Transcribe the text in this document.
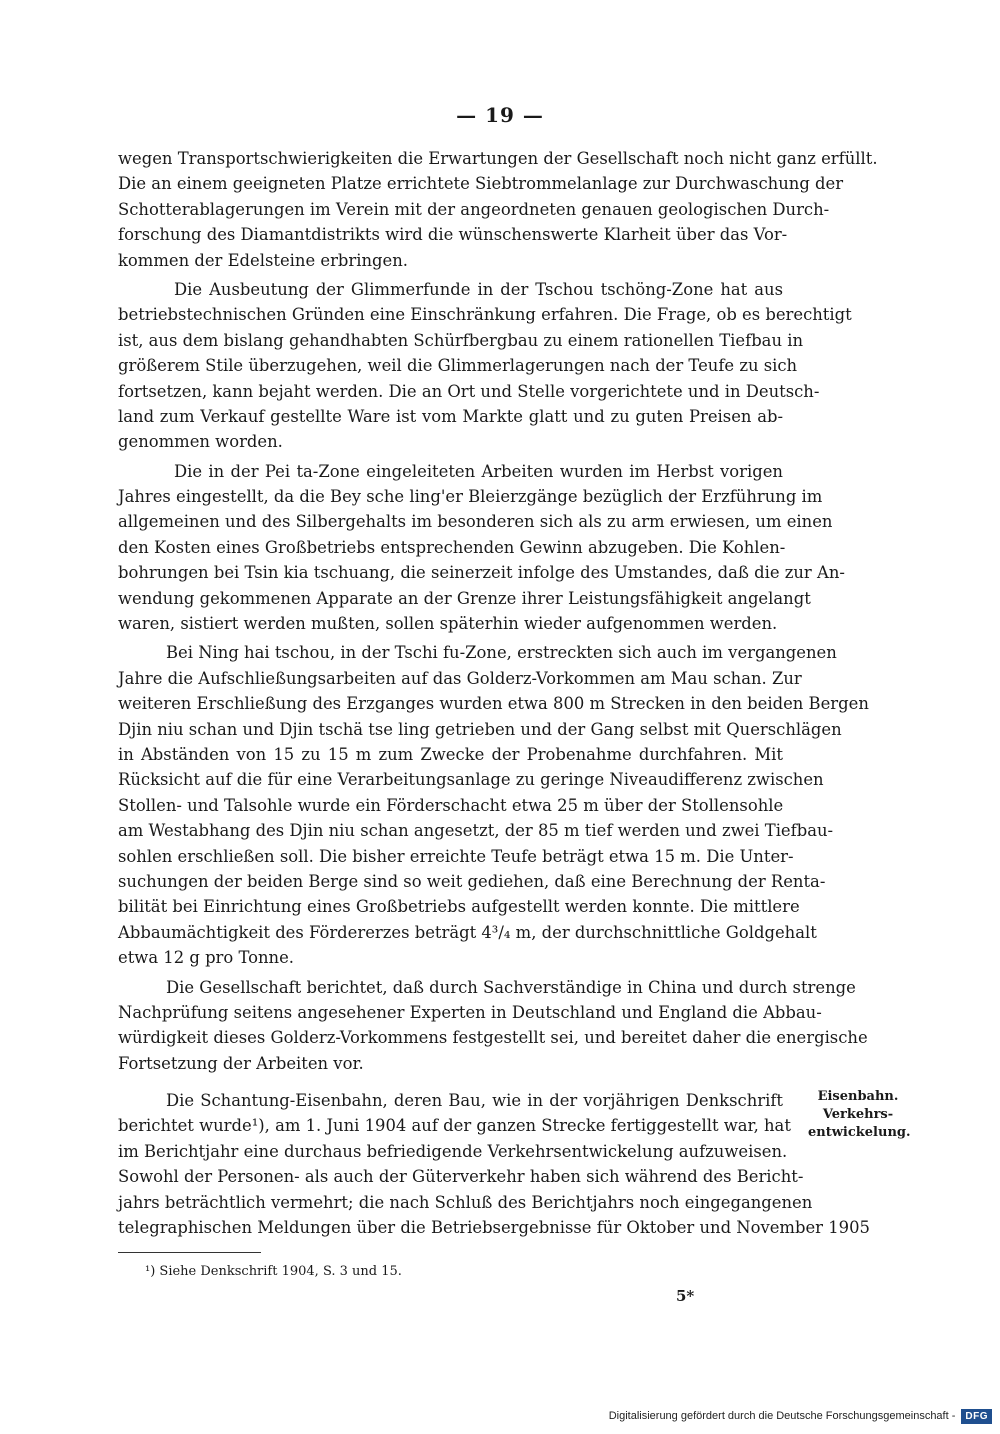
— 19 —
wegen Transportschwierigkeiten die Erwartungen der Gesellschaft noch nicht ganz erfüllt.
Die an einem geeigneten Platze errichtete Siebtrommelanlage zur Durchwaschung der
Schotterablagerungen im Verein mit der angeordneten genauen geologischen Durch-
forschung des Diamantdistrikts wird die wünschenswerte Klarheit über das Vor-
kommen der Edelsteine erbringen.
Die Ausbeutung der Glimmerfunde in der Tschou tschöng-Zone hat aus
betriebstechnischen Gründen eine Einschränkung erfahren. Die Frage, ob es berechtigt
ist, aus dem bislang gehandhabten Schürfbergbau zu einem rationellen Tiefbau in
größerem Stile überzugehen, weil die Glimmerlagerungen nach der Teufe zu sich
fortsetzen, kann bejaht werden. Die an Ort und Stelle vorgerichtete und in Deutsch-
land zum Verkauf gestellte Ware ist vom Markte glatt und zu guten Preisen ab-
genommen worden.
Die in der Pei ta-Zone eingeleiteten Arbeiten wurden im Herbst vorigen
Jahres eingestellt, da die Bey sche ling'er Bleierzgänge bezüglich der Erzführung im
allgemeinen und des Silbergehalts im besonderen sich als zu arm erwiesen, um einen
den Kosten eines Großbetriebs entsprechenden Gewinn abzugeben. Die Kohlen-
bohrungen bei Tsin kia tschuang, die seinerzeit infolge des Umstandes, daß die zur An-
wendung gekommenen Apparate an der Grenze ihrer Leistungsfähigkeit angelangt
waren, sistiert werden mußten, sollen späterhin wieder aufgenommen werden.
Bei Ning hai tschou, in der Tschi fu-Zone, erstreckten sich auch im vergangenen
Jahre die Aufschließungsarbeiten auf das Golderz-Vorkommen am Mau schan. Zur
weiteren Erschließung des Erzganges wurden etwa 800 m Strecken in den beiden Bergen
Djin niu schan und Djin tschä tse ling getrieben und der Gang selbst mit Querschlägen
in Abständen von 15 zu 15 m zum Zwecke der Probenahme durchfahren. Mit
Rücksicht auf die für eine Verarbeitungsanlage zu geringe Niveaudifferenz zwischen
Stollen- und Talsohle wurde ein Förderschacht etwa 25 m über der Stollensohle
am Westabhang des Djin niu schan angesetzt, der 85 m tief werden und zwei Tiefbau-
sohlen erschließen soll. Die bisher erreichte Teufe beträgt etwa 15 m. Die Unter-
suchungen der beiden Berge sind so weit gediehen, daß eine Berechnung der Renta-
bilität bei Einrichtung eines Großbetriebs aufgestellt werden konnte. Die mittlere
Abbaumächtigkeit des Fördererzes beträgt 4³/₄ m, der durchschnittliche Goldgehalt
etwa 12 g pro Tonne.
Die Gesellschaft berichtet, daß durch Sachverständige in China und durch strenge
Nachprüfung seitens angesehener Experten in Deutschland und England die Abbau-
würdigkeit dieses Golderz-Vorkommens festgestellt sei, und bereitet daher die energische
Fortsetzung der Arbeiten vor.
Die Schantung-Eisenbahn, deren Bau, wie in der vorjährigen Denkschrift
berichtet wurde¹), am 1. Juni 1904 auf der ganzen Strecke fertiggestellt war, hat
im Berichtjahr eine durchaus befriedigende Verkehrsentwickelung aufzuweisen.
Sowohl der Personen- als auch der Güterverkehr haben sich während des Bericht-
jahrs beträchtlich vermehrt; die nach Schluß des Berichtjahrs noch eingegangenen
telegraphischen Meldungen über die Betriebsergebnisse für Oktober und November 1905
Eisenbahn.
Verkehrs-
entwickelung.
¹) Siehe Denkschrift 1904, S. 3 und 15.
5*
Digitalisierung gefördert durch die Deutsche Forschungsgemeinschaft -	DFG
